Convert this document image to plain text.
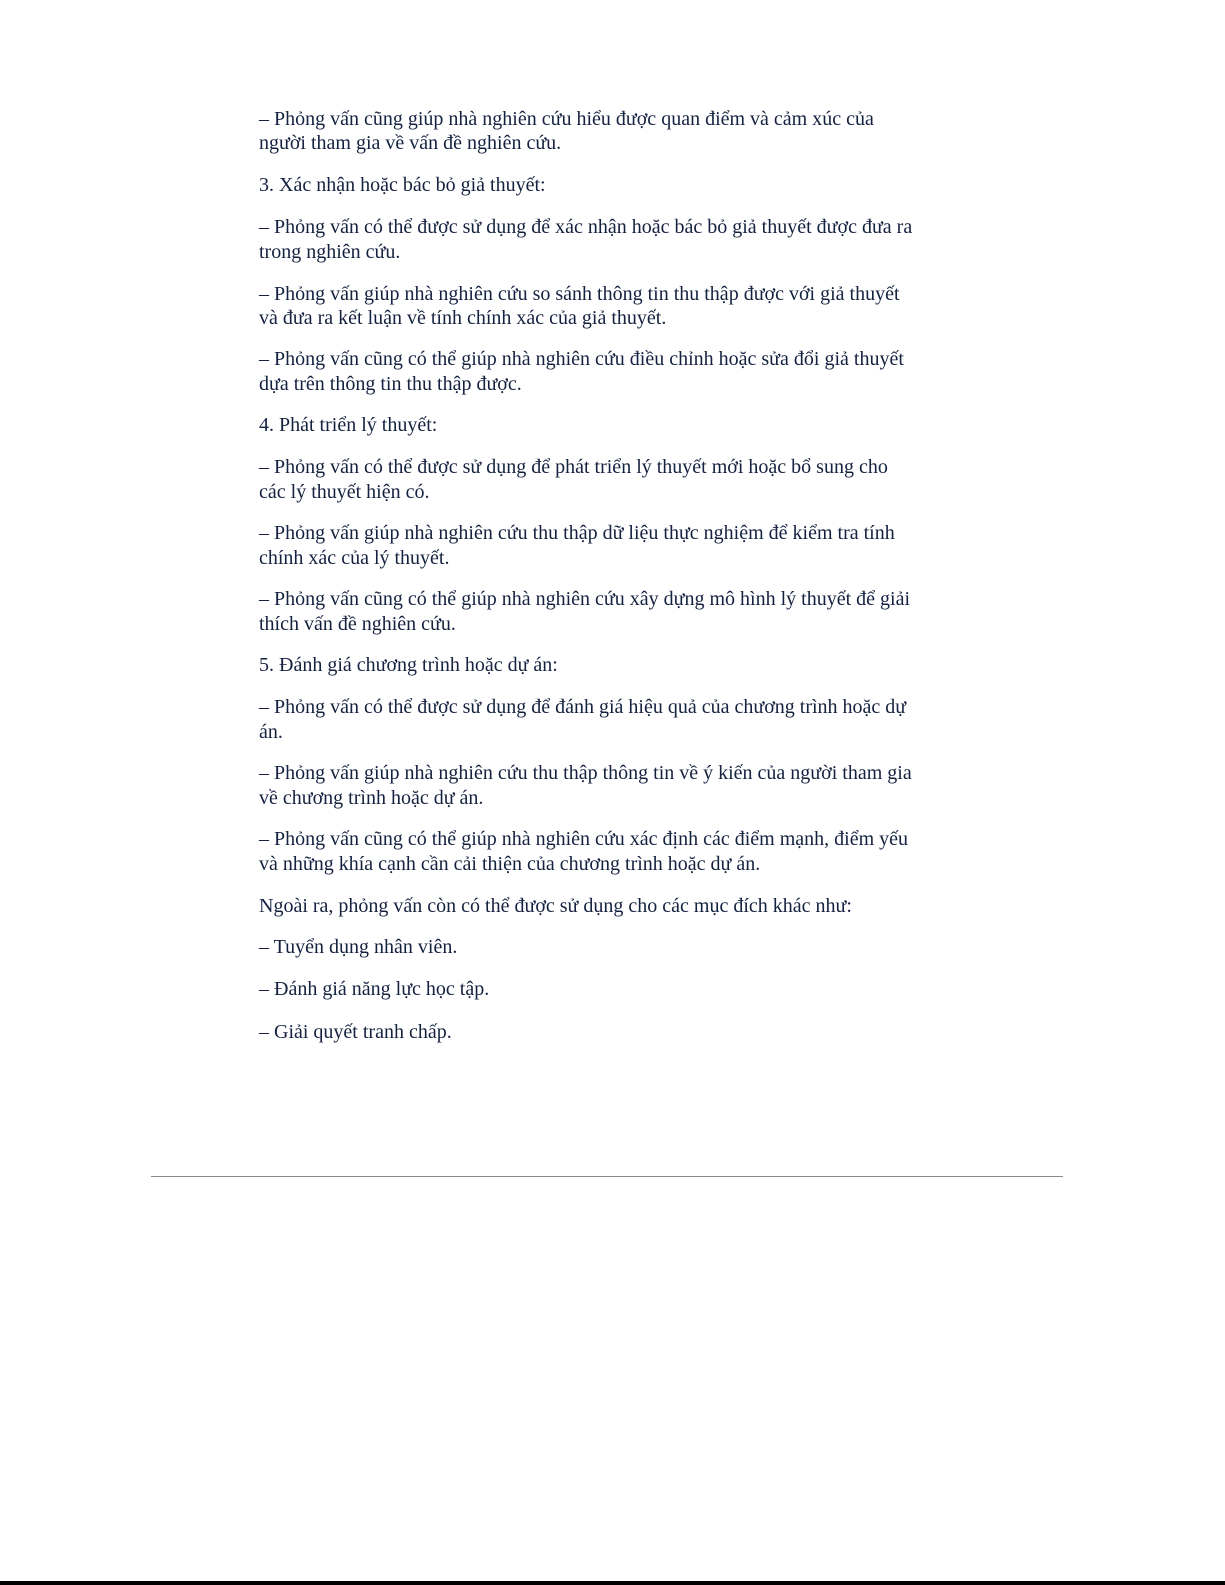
– Phỏng vấn cũng giúp nhà nghiên cứu hiểu được quan điểm và cảm xúc của
người tham gia về vấn đề nghiên cứu.
3. Xác nhận hoặc bác bỏ giả thuyết:
– Phỏng vấn có thể được sử dụng để xác nhận hoặc bác bỏ giả thuyết được đưa ra
trong nghiên cứu.
– Phỏng vấn giúp nhà nghiên cứu so sánh thông tin thu thập được với giả thuyết
và đưa ra kết luận về tính chính xác của giả thuyết.
– Phỏng vấn cũng có thể giúp nhà nghiên cứu điều chỉnh hoặc sửa đổi giả thuyết
dựa trên thông tin thu thập được.
4. Phát triển lý thuyết:
– Phỏng vấn có thể được sử dụng để phát triển lý thuyết mới hoặc bổ sung cho
các lý thuyết hiện có.
– Phỏng vấn giúp nhà nghiên cứu thu thập dữ liệu thực nghiệm để kiểm tra tính
chính xác của lý thuyết.
– Phỏng vấn cũng có thể giúp nhà nghiên cứu xây dựng mô hình lý thuyết để giải
thích vấn đề nghiên cứu.
5. Đánh giá chương trình hoặc dự án:
– Phỏng vấn có thể được sử dụng để đánh giá hiệu quả của chương trình hoặc dự
án.
– Phỏng vấn giúp nhà nghiên cứu thu thập thông tin về ý kiến của người tham gia
về chương trình hoặc dự án.
– Phỏng vấn cũng có thể giúp nhà nghiên cứu xác định các điểm mạnh, điểm yếu
và những khía cạnh cần cải thiện của chương trình hoặc dự án.
Ngoài ra, phỏng vấn còn có thể được sử dụng cho các mục đích khác như:
– Tuyển dụng nhân viên.
– Đánh giá năng lực học tập.
– Giải quyết tranh chấp.
